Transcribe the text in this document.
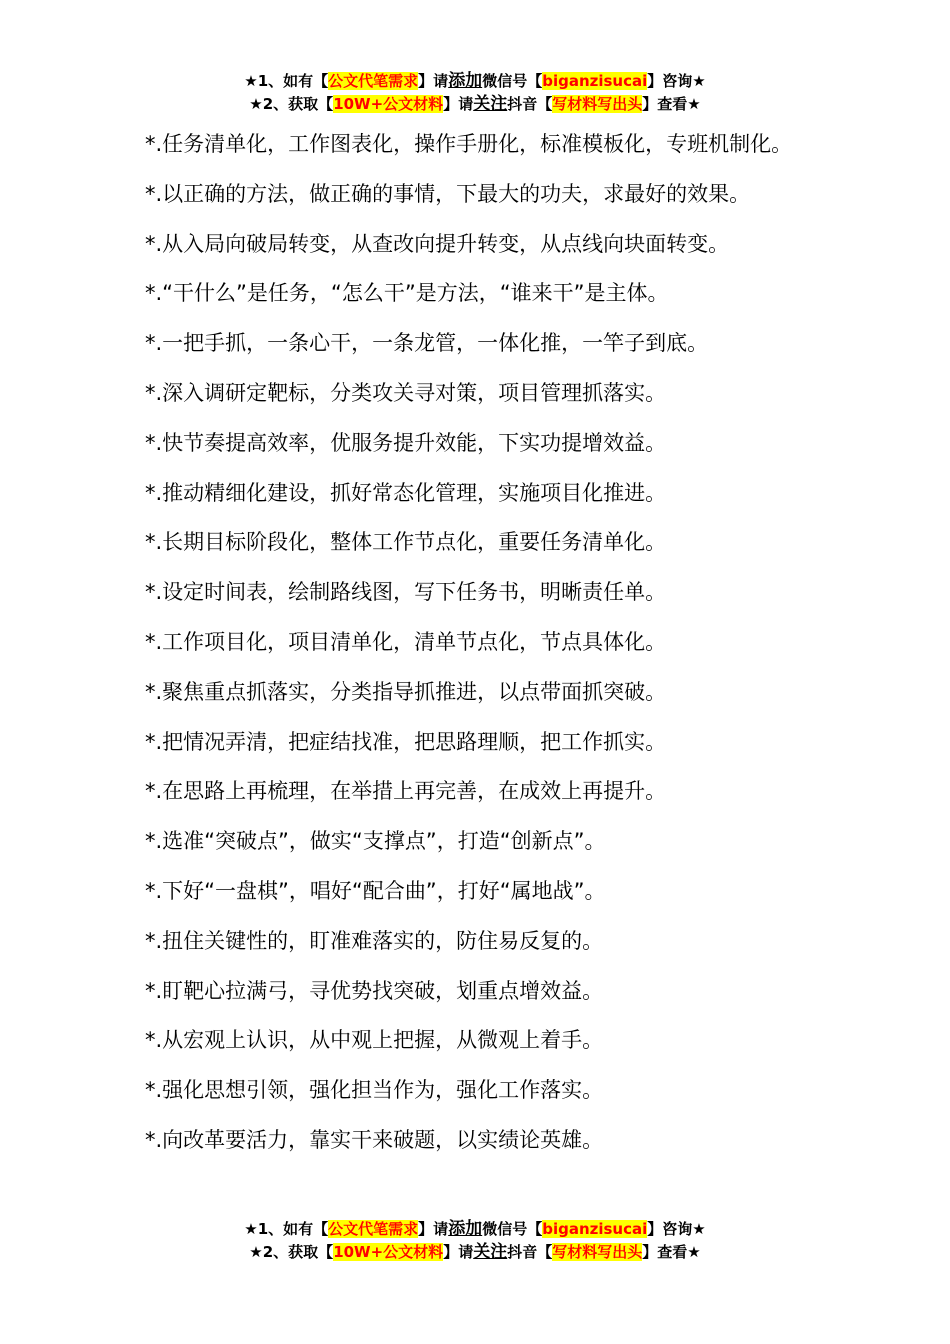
★1、如有【公文代笔需求】请添加微信号【biganzisucai】咨询★
★2、获取【10W+公文材料】请关注抖音【写材料写出头】查看★

*.任务清单化，工作图表化，操作手册化，标准模板化，专班机制化。

*.以正确的方法，做正确的事情，下最大的功夫，求最好的效果。

*.从入局向破局转变，从查改向提升转变，从点线向块面转变。

*.“干什么”是任务，“怎么干”是方法，“谁来干”是主体。

*.一把手抓，一条心干，一条龙管，一体化推，一竿子到底。

*.深入调研定靶标，分类攻关寻对策，项目管理抓落实。

*.快节奏提高效率，优服务提升效能，下实功提增效益。

*.推动精细化建设，抓好常态化管理，实施项目化推进。

*.长期目标阶段化，整体工作节点化，重要任务清单化。

*.设定时间表，绘制路线图，写下任务书，明晰责任单。

*.工作项目化，项目清单化，清单节点化，节点具体化。

*.聚焦重点抓落实，分类指导抓推进，以点带面抓突破。

*.把情况弄清，把症结找准，把思路理顺，把工作抓实。

*.在思路上再梳理，在举措上再完善，在成效上再提升。

*.选准“突破点”，做实“支撑点”，打造“创新点”。

*.下好“一盘棋”，唱好“配合曲”，打好“属地战”。

*.扭住关键性的，盯准难落实的，防住易反复的。

*.盯靶心拉满弓，寻优势找突破，划重点增效益。

*.从宏观上认识，从中观上把握，从微观上着手。

*.强化思想引领，强化担当作为，强化工作落实。

*.向改革要活力，靠实干来破题，以实绩论英雄。

★1、如有【公文代笔需求】请添加微信号【biganzisucai】咨询★
★2、获取【10W+公文材料】请关注抖音【写材料写出头】查看★
